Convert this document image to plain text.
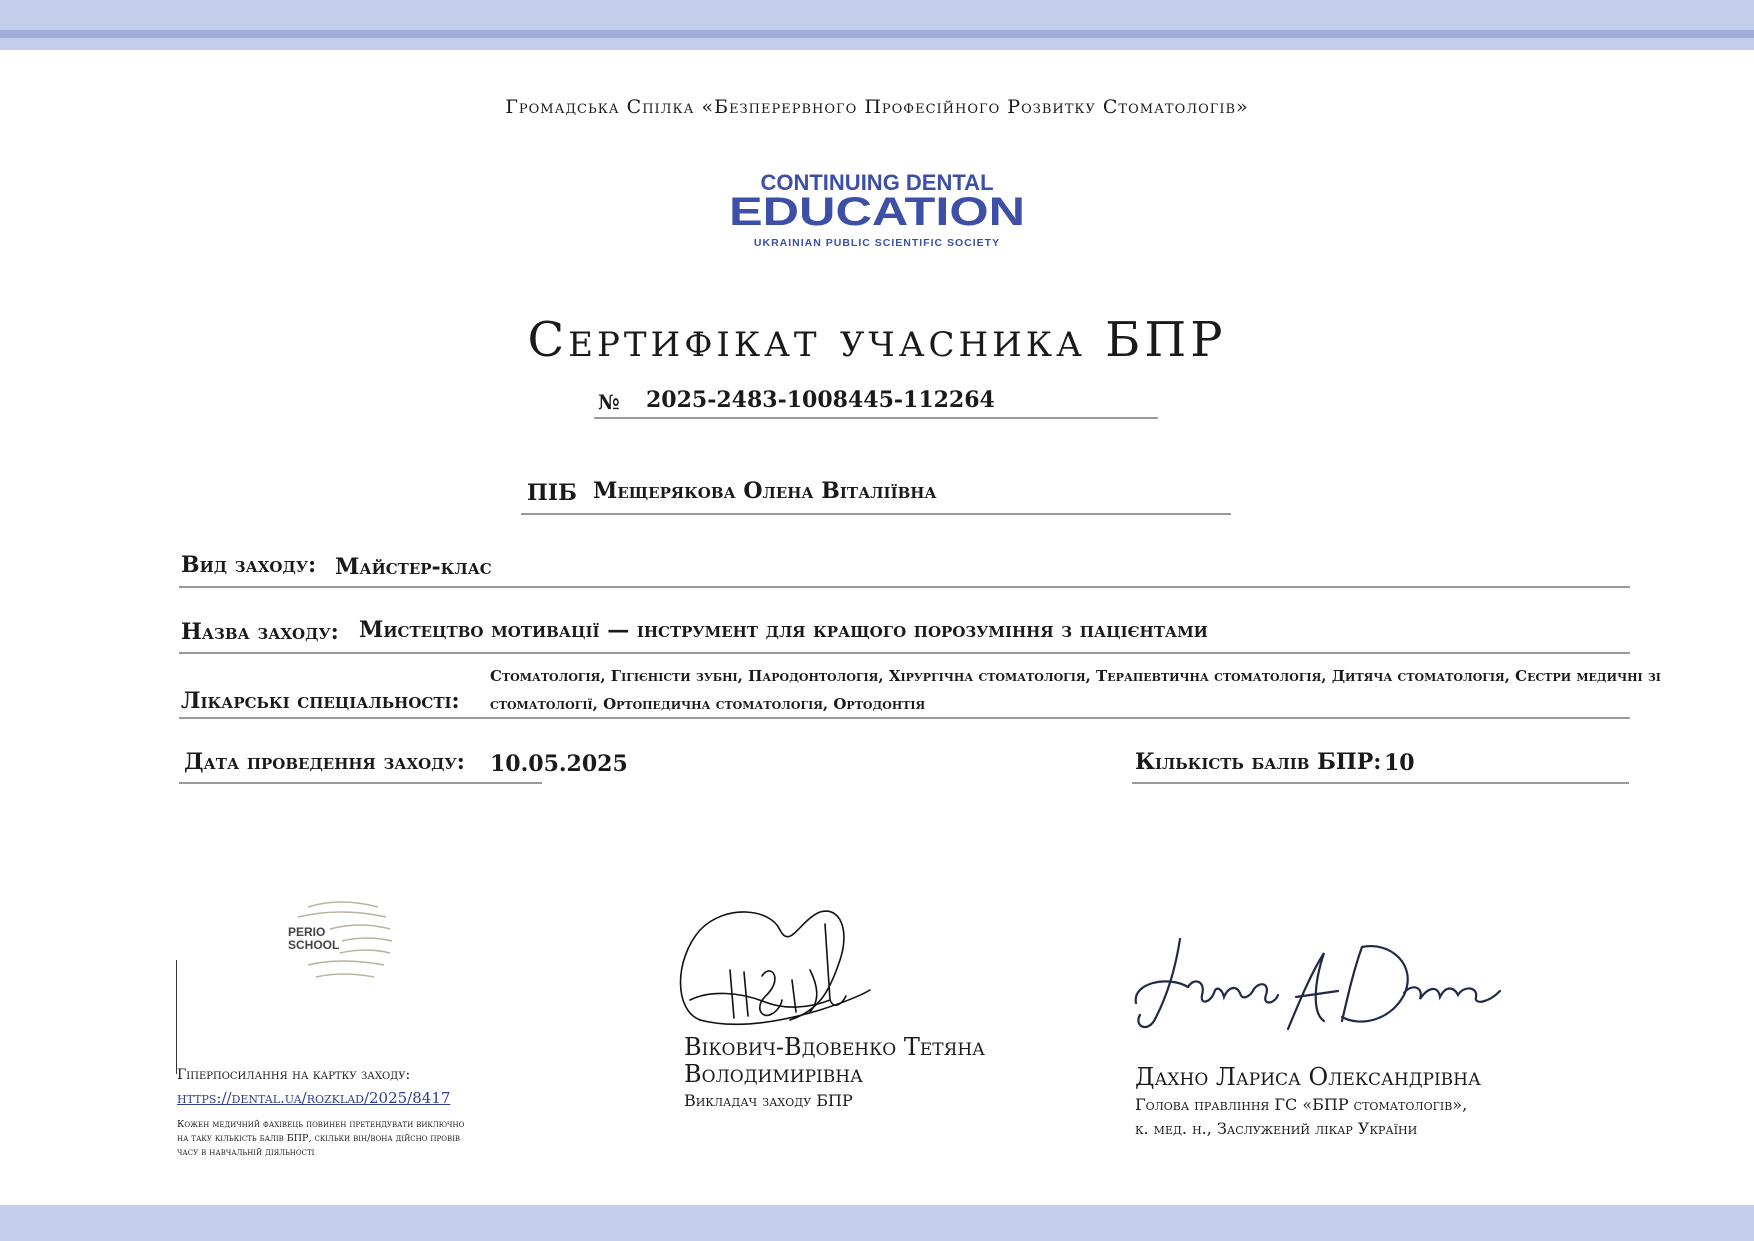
Громадська Спілка «Безперервного Професійного Розвитку Стоматологів»
CONTINUING DENTAL
EDUCATION
UKRAINIAN PUBLIC SCIENTIFIC SOCIETY
Сертифікат учасника БПР
№ 2025-2483-1008445-112264
ПІБ Мещерякова Олена Віталіївна
Вид заходу: Майстер-клас
Назва заходу: Мистецтво мотивації — інструмент для кращого порозуміння з пацієнтами
Лікарські спеціальності:
Стоматологія, Гігієністи зубні, Пародонтологія, Хірургічна стоматологія, Терапевтична стоматологія, Дитяча стоматологія, Сестри медичні зі
стоматології, Ортопедична стоматологія, Ортодонтія
Дата проведення заходу: 10.05.2025	Кількість балів БПР: 10
PERIO
SCHOOL
Гіперпосилання на картку заходу:
https://dental.ua/rozklad/2025/8417
Кожен медичний фахівець повинен претендувати виключно
на таку кількість балів БПР, скільки він/вона дійсно провів
часу в навчальній діяльності
Вікович-Вдовенко Тетяна
Володимирівна
Викладач заходу БПР
Дахно Лариса Олександрівна
Голова правління ГС «БПР стоматологів»,
к. мед. н., Заслужений лікар України
